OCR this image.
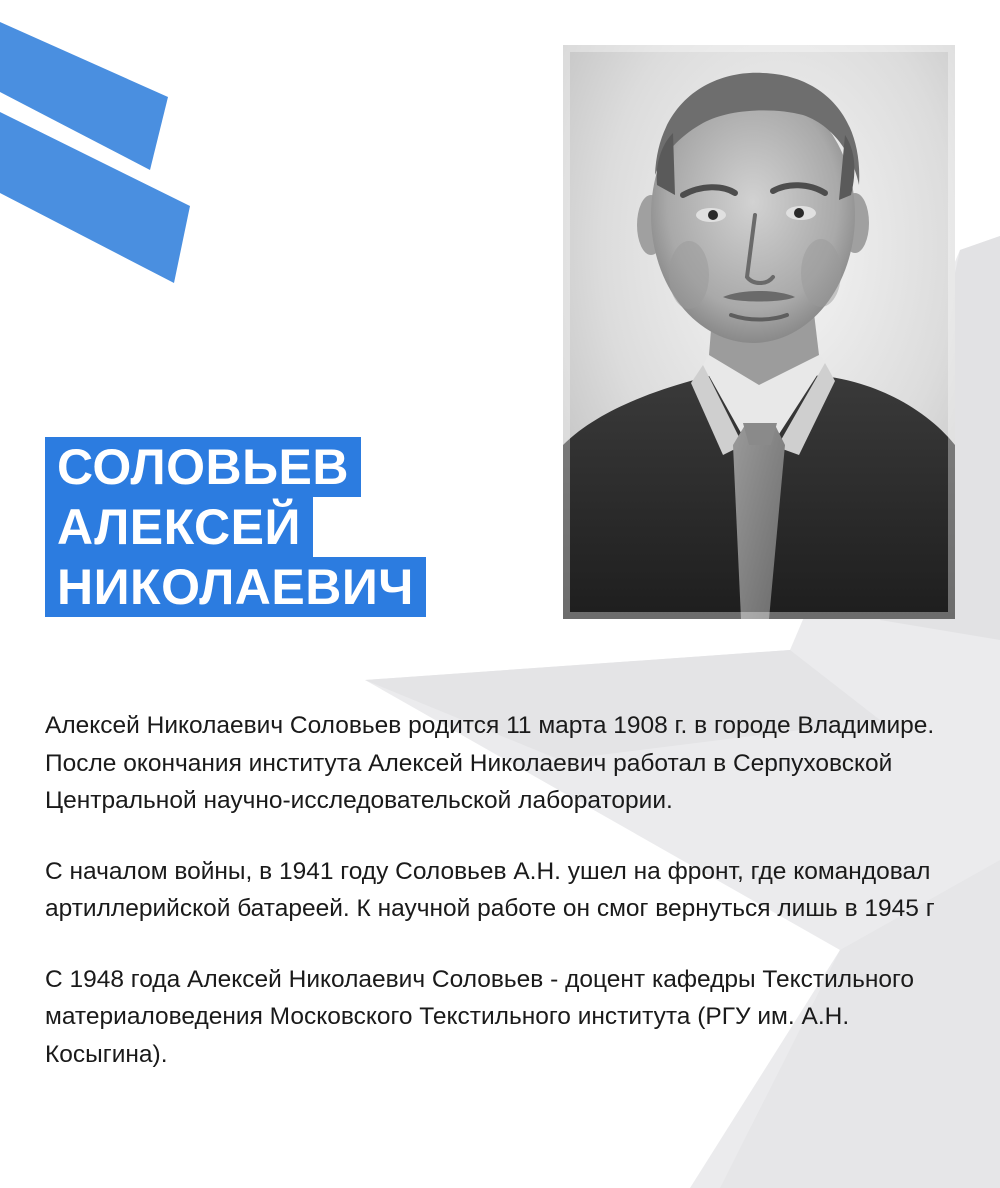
СОЛОВЬЕВ
АЛЕКСЕЙ
НИКОЛАЕВИЧ

Алексей Николаевич Соловьев родится 11 марта 1908 г. в городе Владимире. После окончания института Алексей Николаевич работал в Серпуховской Центральной научно-исследовательской лаборатории.

С началом войны, в 1941 году Соловьев А.Н. ушел на фронт, где командовал артиллерийской батареей. К научной работе он смог вернуться лишь в 1945 г

С 1948 года Алексей Николаевич Соловьев - доцент кафедры Текстильного материаловедения Московского Текстильного института (РГУ им. А.Н. Косыгина).
